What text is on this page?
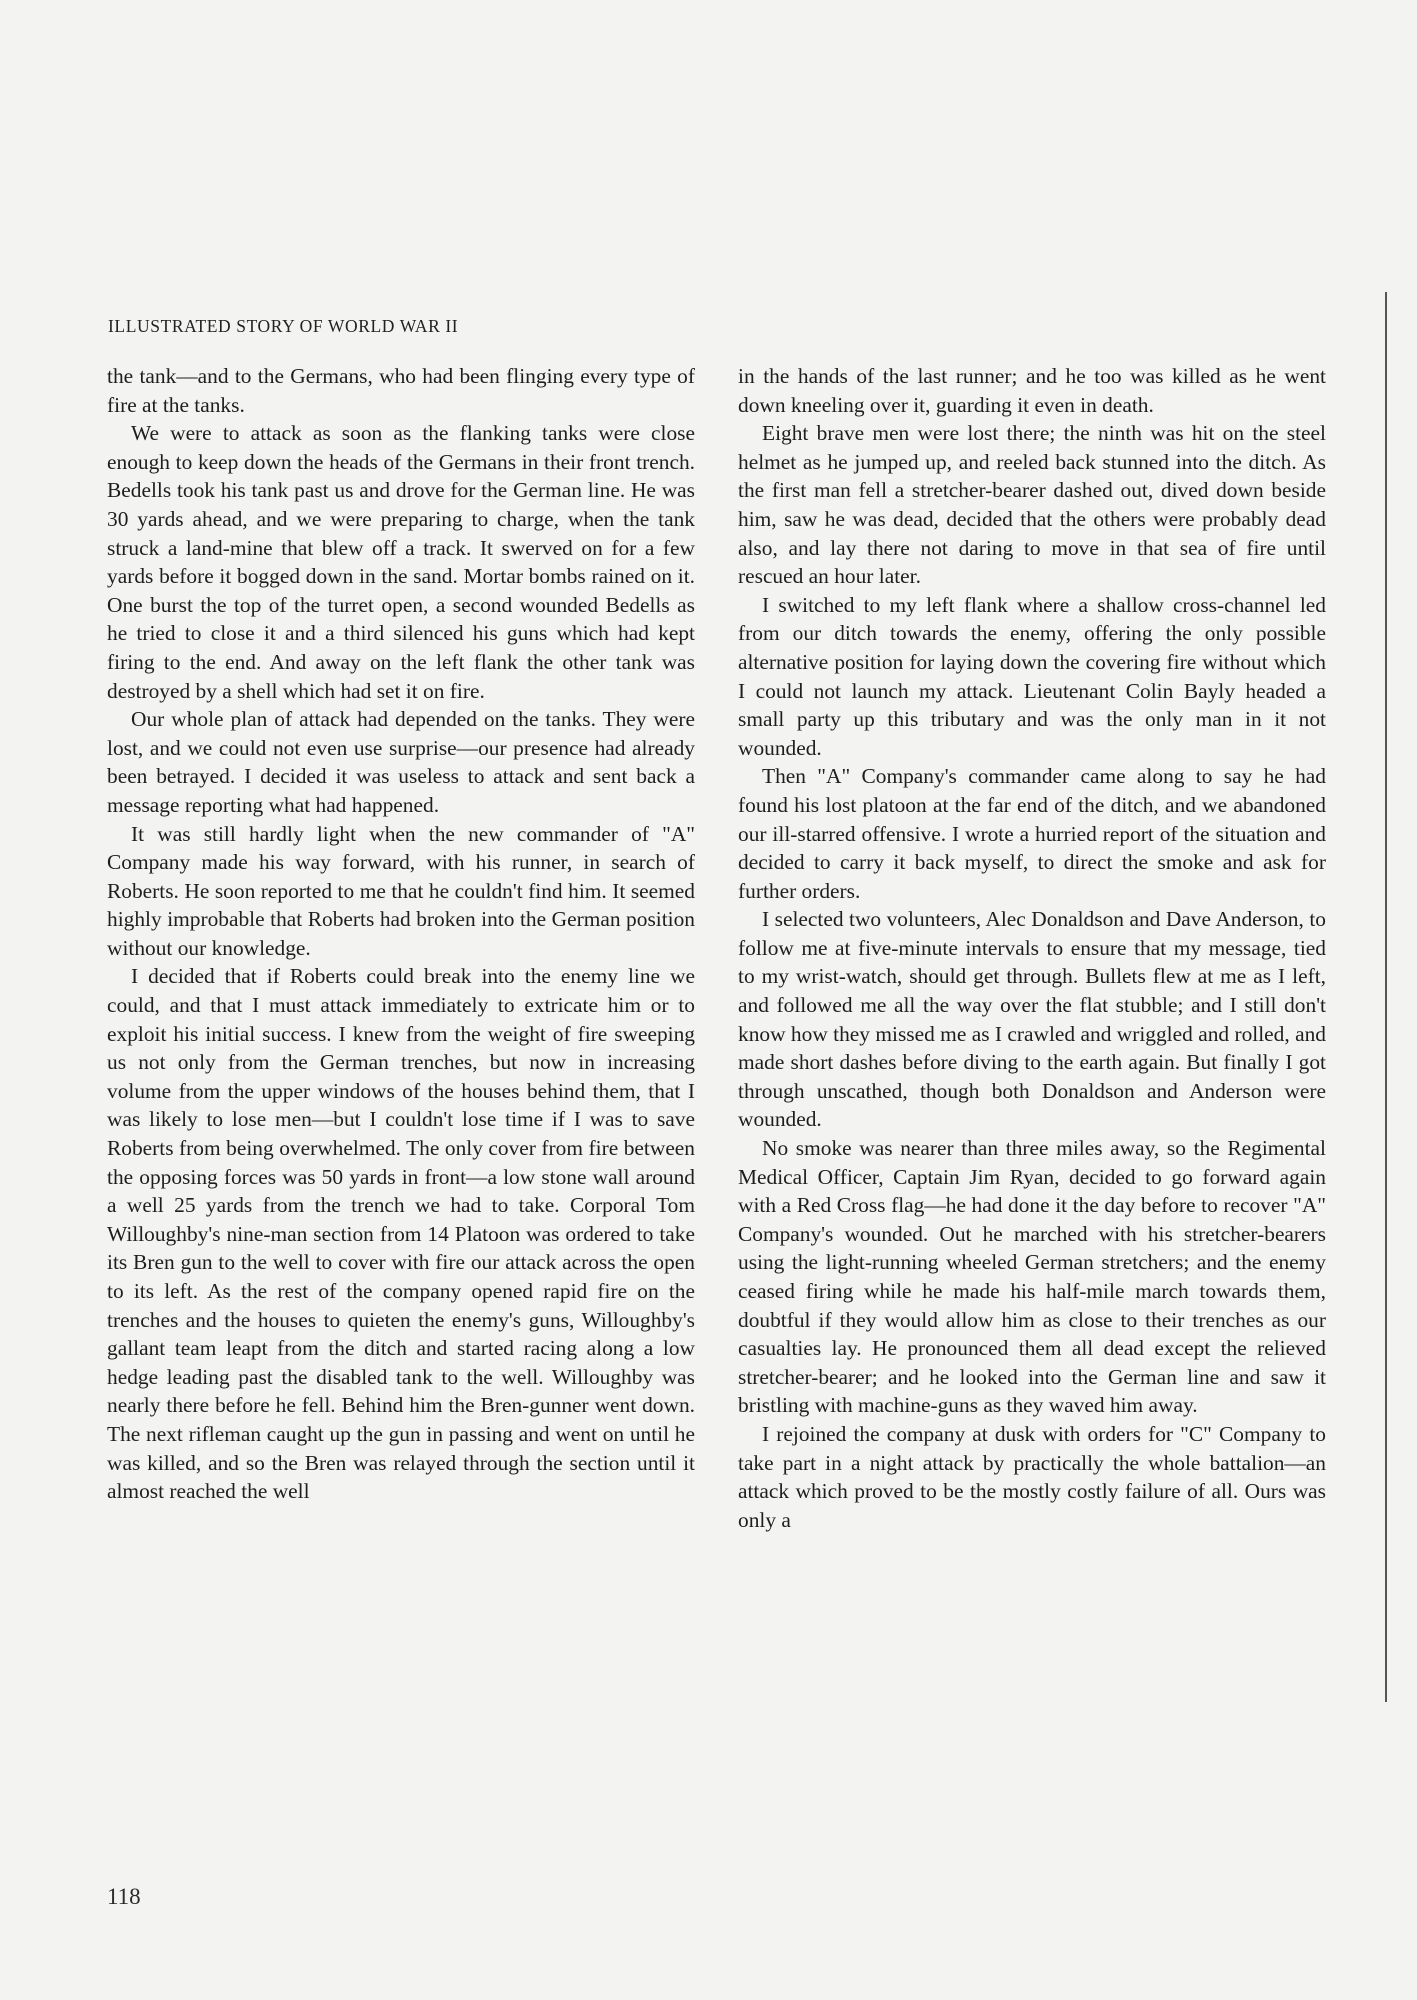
ILLUSTRATED STORY OF WORLD WAR II

the tank—and to the Germans, who had been flinging every type of fire at the tanks.

We were to attack as soon as the flanking tanks were close enough to keep down the heads of the Germans in their front trench. Bedells took his tank past us and drove for the German line. He was 30 yards ahead, and we were preparing to charge, when the tank struck a land-mine that blew off a track. It swerved on for a few yards before it bogged down in the sand. Mortar bombs rained on it. One burst the top of the turret open, a second wounded Bedells as he tried to close it and a third silenced his guns which had kept firing to the end. And away on the left flank the other tank was destroyed by a shell which had set it on fire.

Our whole plan of attack had depended on the tanks. They were lost, and we could not even use surprise—our presence had already been betrayed. I decided it was useless to attack and sent back a message reporting what had happened.

It was still hardly light when the new commander of "A" Company made his way forward, with his runner, in search of Roberts. He soon reported to me that he couldn't find him. It seemed highly improbable that Roberts had broken into the German position without our knowledge.

I decided that if Roberts could break into the enemy line we could, and that I must attack immediately to extricate him or to exploit his initial success. I knew from the weight of fire sweeping us not only from the German trenches, but now in increasing volume from the upper windows of the houses behind them, that I was likely to lose men—but I couldn't lose time if I was to save Roberts from being overwhelmed. The only cover from fire between the opposing forces was 50 yards in front—a low stone wall around a well 25 yards from the trench we had to take. Corporal Tom Willoughby's nine-man section from 14 Platoon was ordered to take its Bren gun to the well to cover with fire our attack across the open to its left. As the rest of the company opened rapid fire on the trenches and the houses to quieten the enemy's guns, Willoughby's gallant team leapt from the ditch and started racing along a low hedge leading past the disabled tank to the well. Willoughby was nearly there before he fell. Behind him the Bren-gunner went down. The next rifleman caught up the gun in passing and went on until he was killed, and so the Bren was relayed through the section until it almost reached the well

in the hands of the last runner; and he too was killed as he went down kneeling over it, guarding it even in death.

Eight brave men were lost there; the ninth was hit on the steel helmet as he jumped up, and reeled back stunned into the ditch. As the first man fell a stretcher-bearer dashed out, dived down beside him, saw he was dead, decided that the others were probably dead also, and lay there not daring to move in that sea of fire until rescued an hour later.

I switched to my left flank where a shallow cross-channel led from our ditch towards the enemy, offering the only possible alternative position for laying down the covering fire without which I could not launch my attack. Lieutenant Colin Bayly headed a small party up this tributary and was the only man in it not wounded.

Then "A" Company's commander came along to say he had found his lost platoon at the far end of the ditch, and we abandoned our ill-starred offensive. I wrote a hurried report of the situation and decided to carry it back myself, to direct the smoke and ask for further orders.

I selected two volunteers, Alec Donaldson and Dave Anderson, to follow me at five-minute intervals to ensure that my message, tied to my wrist-watch, should get through. Bullets flew at me as I left, and followed me all the way over the flat stubble; and I still don't know how they missed me as I crawled and wriggled and rolled, and made short dashes before diving to the earth again. But finally I got through unscathed, though both Donaldson and Anderson were wounded.

No smoke was nearer than three miles away, so the Regimental Medical Officer, Captain Jim Ryan, decided to go forward again with a Red Cross flag—he had done it the day before to recover "A" Company's wounded. Out he marched with his stretcher-bearers using the light-running wheeled German stretchers; and the enemy ceased firing while he made his half-mile march towards them, doubtful if they would allow him as close to their trenches as our casualties lay. He pronounced them all dead except the relieved stretcher-bearer; and he looked into the German line and saw it bristling with machine-guns as they waved him away.

I rejoined the company at dusk with orders for "C" Company to take part in a night attack by practically the whole battalion—an attack which proved to be the mostly costly failure of all. Ours was only a

118
